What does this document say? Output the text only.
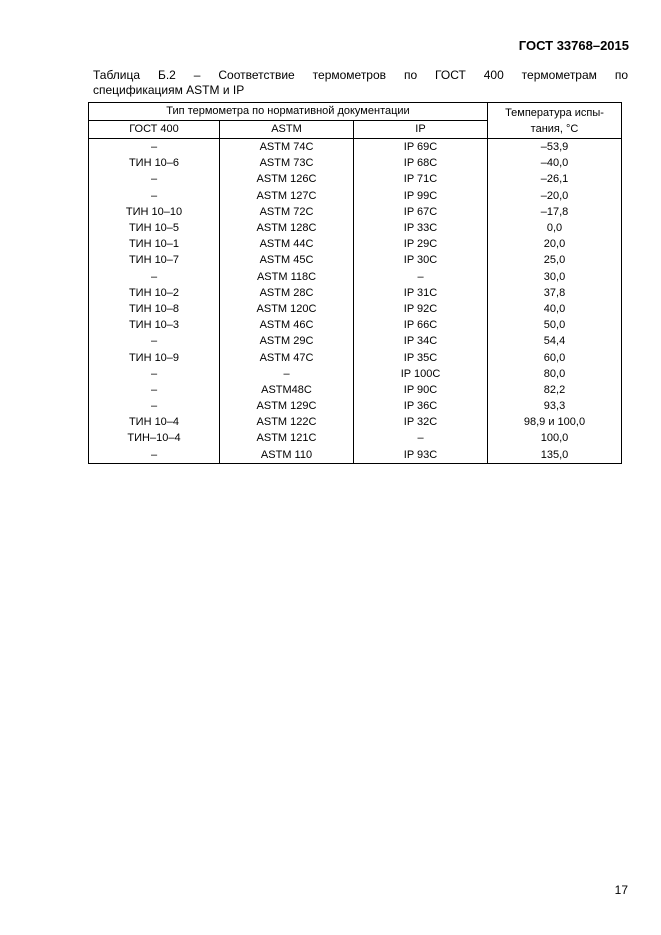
ГОСТ 33768–2015
Таблица Б.2 – Соответствие термометров по ГОСТ 400 термометрам по
спецификациям ASTM и IP
Тип термометра по нормативной документации			Температура испы-
тания, °С
ГОСТ 400	ASTM	IP	
–	ASTM 74C	IP 69C	–53,9
ТИН 10–6	ASTM 73C	IP 68C	–40,0
–	ASTM 126C	IP 71C	–26,1
–	ASTM 127C	IP 99C	–20,0
ТИН 10–10	ASTM 72C	IP 67C	–17,8
ТИН 10–5	ASTM 128C	IP 33C	0,0
ТИН 10–1	ASTM 44C	IP 29C	20,0
ТИН 10–7	ASTM 45C	IP 30C	25,0
–	ASTM 118C	–	30,0
ТИН 10–2	ASTM 28C	IP 31C	37,8
ТИН 10–8	ASTM 120C	IP 92C	40,0
ТИН 10–3	ASTM 46C	IP 66C	50,0
–	ASTM 29C	IP 34C	54,4
ТИН 10–9	ASTM 47C	IP 35C	60,0
–	–	IP 100C	80,0
–	ASTM48C	IP 90C	82,2
–	ASTM 129C	IP 36C	93,3
ТИН 10–4	ASTM 122C	IP 32C	98,9 и 100,0
ТИН–10–4	ASTM 121C	–	100,0
–	ASTM 110	IP 93C	135,0
17
